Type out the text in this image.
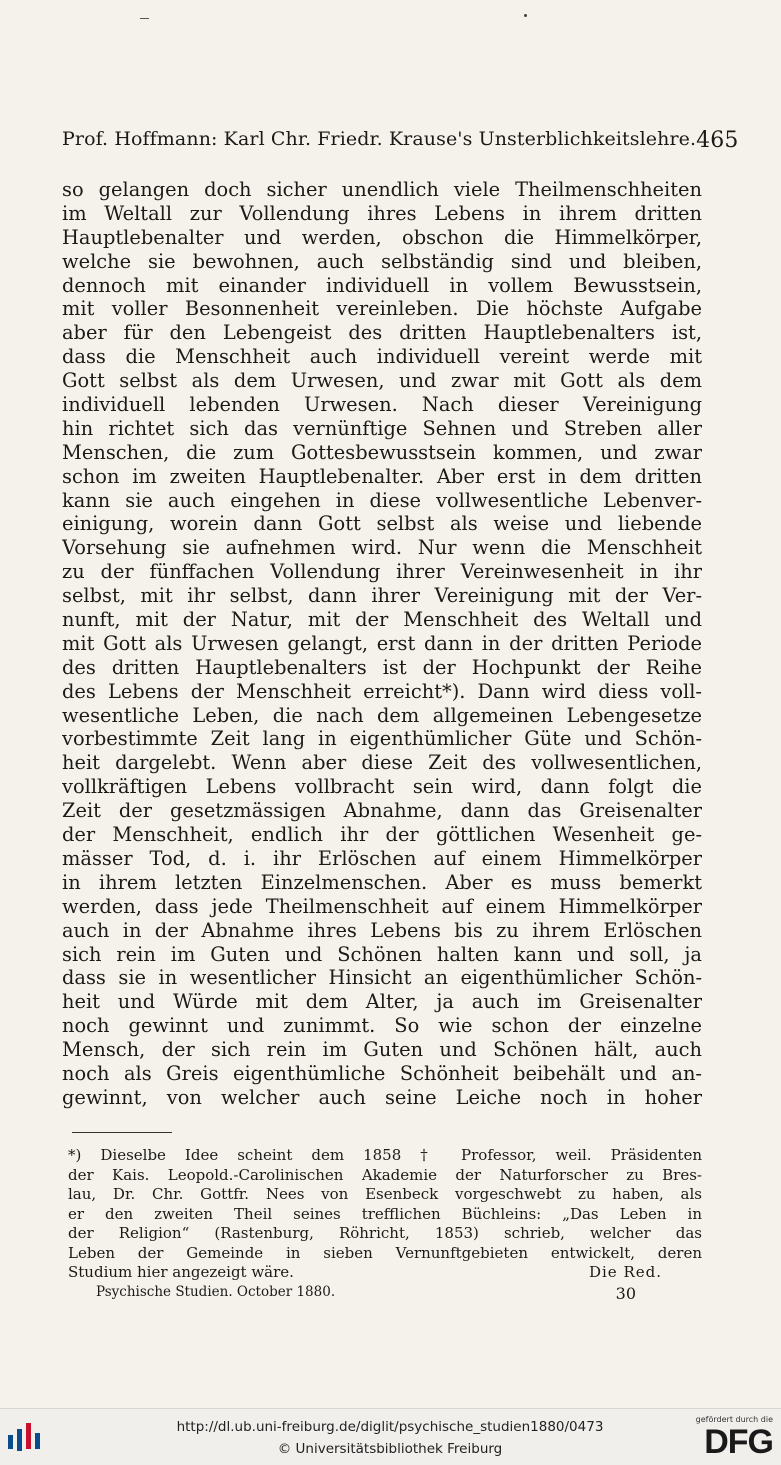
Prof. Hoffmann: Karl Chr. Friedr. Krause's Unsterblichkeitslehre. 465
so gelangen doch sicher unendlich viele Theilmenschheiten
im Weltall zur Vollendung ihres Lebens in ihrem dritten
Hauptlebenalter und werden, obschon die Himmelkörper,
welche sie bewohnen, auch selbständig sind und bleiben,
dennoch mit einander individuell in vollem Bewusstsein,
mit voller Besonnenheit vereinleben. Die höchste Aufgabe
aber für den Lebengeist des dritten Hauptlebenalters ist,
dass die Menschheit auch individuell vereint werde mit
Gott selbst als dem Urwesen, und zwar mit Gott als dem
individuell lebenden Urwesen. Nach dieser Vereinigung
hin richtet sich das vernünftige Sehnen und Streben aller
Menschen, die zum Gottesbewusstsein kommen, und zwar
schon im zweiten Hauptlebenalter. Aber erst in dem dritten
kann sie auch eingehen in diese vollwesentliche Lebenver-
einigung, worein dann Gott selbst als weise und liebende
Vorsehung sie aufnehmen wird. Nur wenn die Menschheit
zu der fünffachen Vollendung ihrer Vereinwesenheit in ihr
selbst, mit ihr selbst, dann ihrer Vereinigung mit der Ver-
nunft, mit der Natur, mit der Menschheit des Weltall und
mit Gott als Urwesen gelangt, erst dann in der dritten Periode
des dritten Hauptlebenalters ist der Hochpunkt der Reihe
des Lebens der Menschheit erreicht*). Dann wird diess voll-
wesentliche Leben, die nach dem allgemeinen Lebengesetze
vorbestimmte Zeit lang in eigenthümlicher Güte und Schön-
heit dargelebt. Wenn aber diese Zeit des vollwesentlichen,
vollkräftigen Lebens vollbracht sein wird, dann folgt die
Zeit der gesetzmässigen Abnahme, dann das Greisenalter
der Menschheit, endlich ihr der göttlichen Wesenheit ge-
mässer Tod, d. i. ihr Erlöschen auf einem Himmelkörper
in ihrem letzten Einzelmenschen. Aber es muss bemerkt
werden, dass jede Theilmenschheit auf einem Himmelkörper
auch in der Abnahme ihres Lebens bis zu ihrem Erlöschen
sich rein im Guten und Schönen halten kann und soll, ja
dass sie in wesentlicher Hinsicht an eigenthümlicher Schön-
heit und Würde mit dem Alter, ja auch im Greisenalter
noch gewinnt und zunimmt. So wie schon der einzelne
Mensch, der sich rein im Guten und Schönen hält, auch
noch als Greis eigenthümliche Schönheit beibehält und an-
gewinnt, von welcher auch seine Leiche noch in hoher
*) Dieselbe Idee scheint dem 1858 † Professor, weil. Präsidenten
der Kais. Leopold.-Carolinischen Akademie der Naturforscher zu Bres-
lau, Dr. Chr. Gottfr. Nees von Esenbeck vorgeschwebt zu haben, als
er den zweiten Theil seines trefflichen Büchleins: „Das Leben in
der Religion“ (Rastenburg, Röhricht, 1853) schrieb, welcher das
Leben der Gemeinde in sieben Vernunftgebieten entwickelt, deren
Studium hier angezeigt wäre.	Die Red.
Psychische Studien. October 1880.	30
http://dl.ub.uni-freiburg.de/diglit/psychische_studien1880/0473
© Universitätsbibliothek Freiburg
gefördert durch die
DFG
